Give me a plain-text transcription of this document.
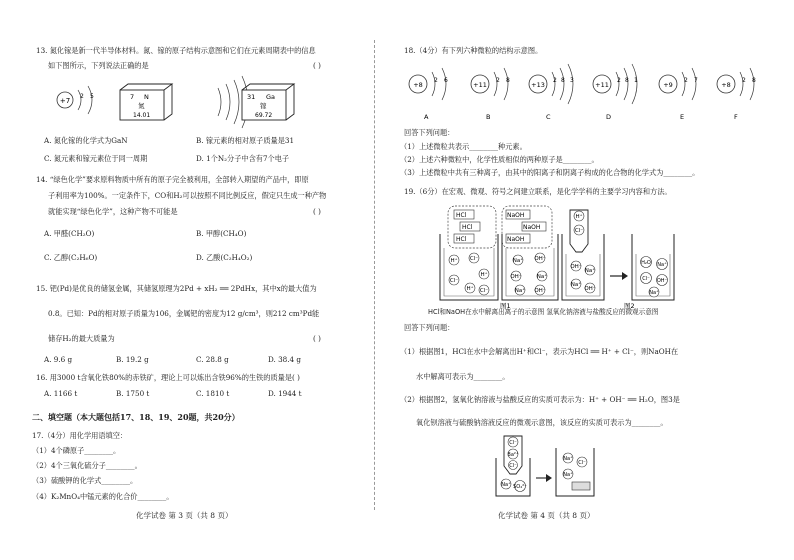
13. 氮化镓是新一代半导体材料。氮、镓的原子结构示意图和它们在元素周期表中的信息
如下图所示，下列说法正确的是	( )
+7
2 5	7 N
氮
14.01
31 Ga
镓
69.72
A. 氮化镓的化学式为GaN	B. 镓元素的相对原子质量是31
C. 氮元素和镓元素位于同一周期	D. 1个N₂分子中含有7个电子
14. “绿色化学”要求原料物质中所有的原子完全被利用，全部转入期望的产品中，即原
子利用率为100%。一定条件下，CO和H₂可以按照不同比例反应，假定只生成一种产物
就能实现“绿色化学”，这种产物不可能是	( )
A. 甲醛(CH₂O)	B. 甲醇(CH₄O)
C. 乙醇(C₂H₆O)	D. 乙酸(C₂H₄O₂)
15. 钯(Pd)是优良的储氢金属，其储氢原理为2Pd + xH₂ ══ 2PdHx，其中x的最大值为
0.8。已知：Pd的相对原子质量为106，金属钯的密度为12 g/cm³，则212 cm³Pd能
储存H₂的最大质量为	( )
A. 9.6 g	B. 19.2 g	C. 28.8 g	D. 38.4 g
16. 用3000 t含氧化铁80%的赤铁矿，理论上可以炼出含铁96%的生铁的质量是( )
A. 1166 t	B. 1750 t	C. 1810 t	D. 1944 t
二、填空题（本大题包括17、18、19、20题，共20分）
17.（4分）用化学用语填空：
（1）4个磷原子________。
（2）4个三氧化硫分子________。
（3）硫酸钾的化学式________。
（4）K₂MnO₄中锰元素的化合价________。
化学试卷 第 3 页（共 8 页）
18.（4分）有下列六种微粒的结构示意图。
+8
2 6
A
+11
2 8
B
+13
2 8 3
C
+11
2 8 1
D
+9
2 7
E
+8
2 8
F
回答下列问题：
（1）上述微粒共表示________种元素。
（2）上述六种微粒中，化学性质相似的两种原子是________。
（3）上述微粒中共有三种离子，由其中的阳离子和阴离子构成的化合物的化学式为________。
19.（6分）在宏观、微观、符号之间建立联系，是化学学科的主要学习内容和方法。
HCl
HCl
HCl
NaOH
NaOH
NaOH
H⁺ Cl⁻
H⁺
Cl⁻
H⁺ Cl⁻
Na⁺ OH⁻
OH⁻	Na⁺
Na⁺ OH⁻
H⁺
Cl⁻
OH⁻
Na⁺
Na⁺
OH⁻
H₂O Na⁺
Cl⁻ OH⁻
Na⁺
图1	图2
HCl和NaOH在水中解离出离子的示意图 氢氧化钠溶液与盐酸反应的微观示意图
回答下列问题：
（1）根据图1，HCl在水中会解离出H⁺和Cl⁻，表示为HCl ══ H⁺ + Cl⁻，则NaOH在
水中解离可表示为________。
（2）根据图2，氢氧化钠溶液与盐酸反应的实质可表示为：H⁺ + OH⁻ ══ H₂O，图3是
氧化钡溶液与硫酸钠溶液反应的微观示意图，该反应的实质可表示为________。
Cl⁻
Ba²⁺
Cl⁻
Na⁺ SO₄²⁻
Na⁺
Cl⁻
Na⁺
化学试卷 第 4 页（共 8 页）
